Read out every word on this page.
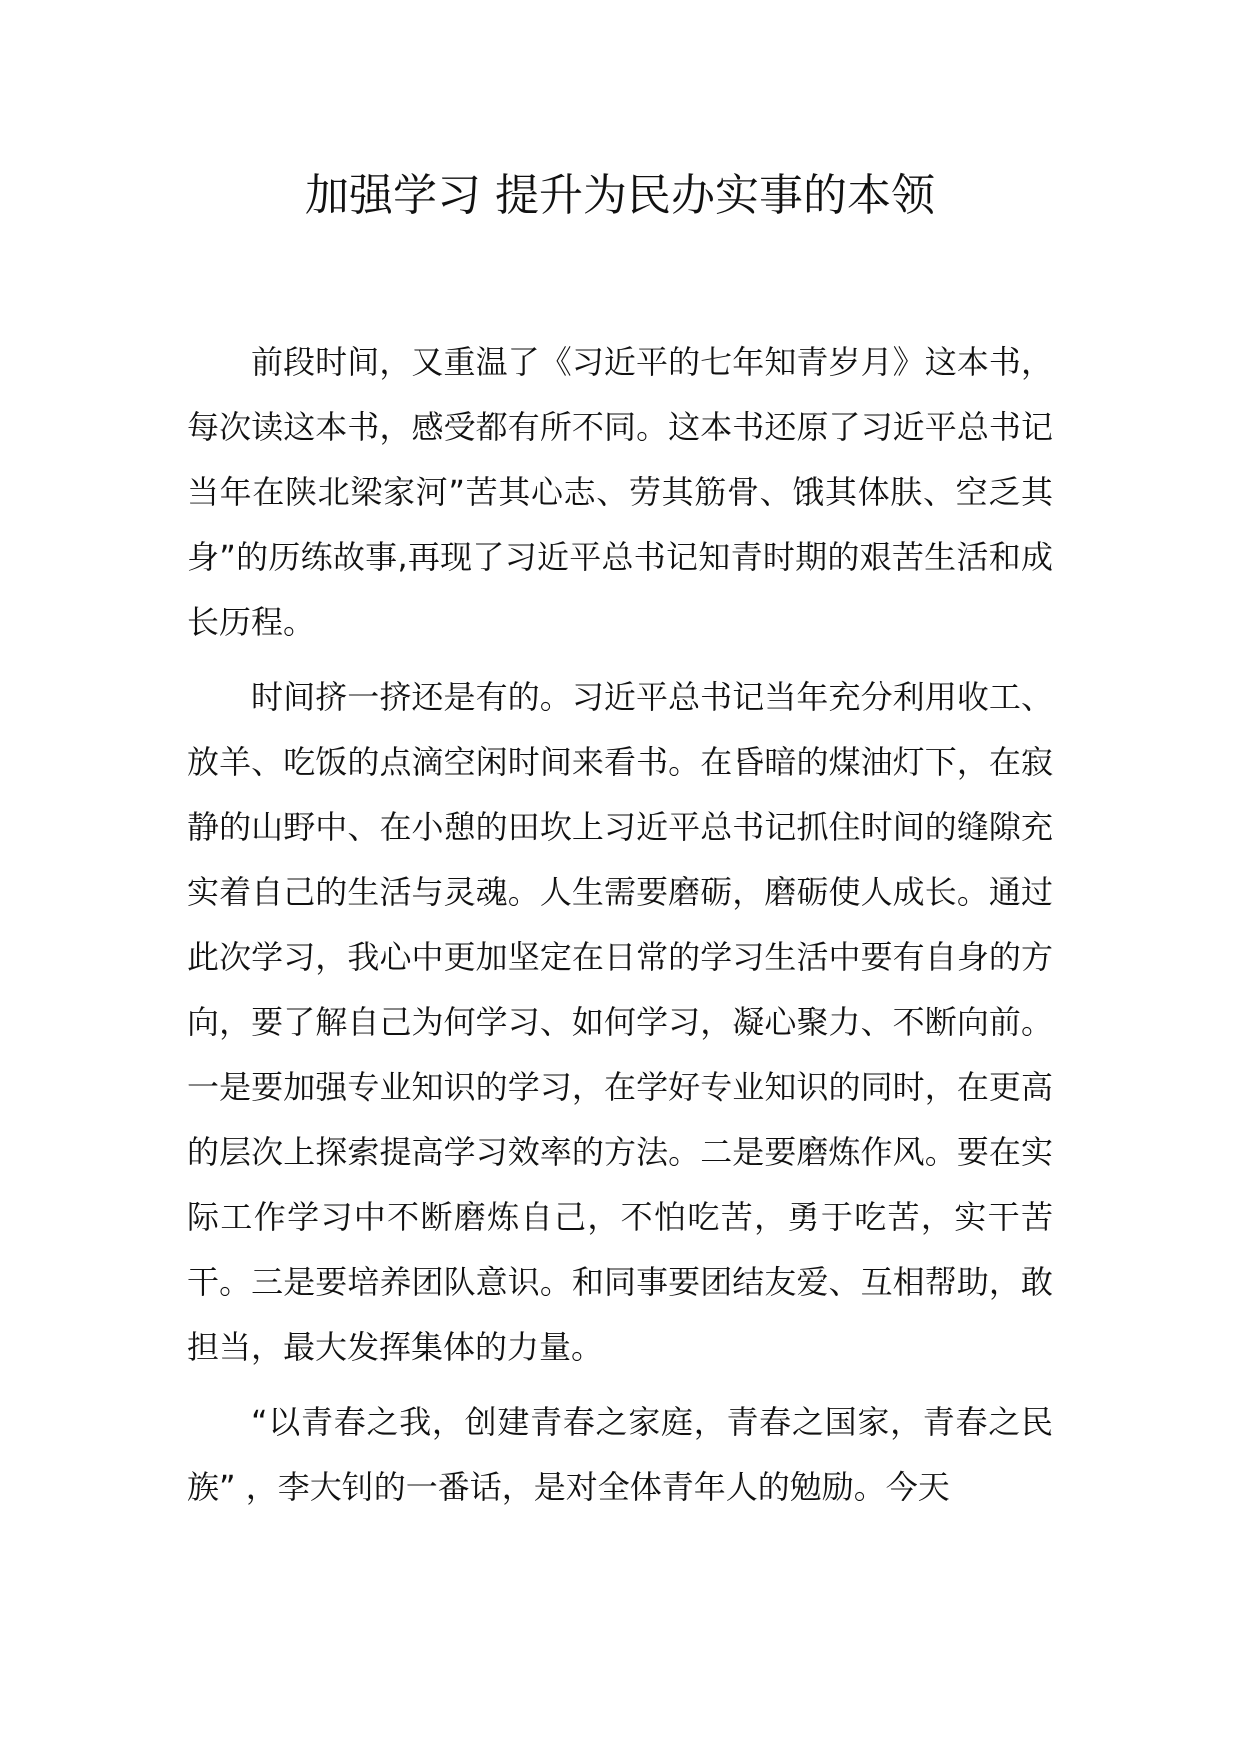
加强学习 提升为民办实事的本领

前段时间，又重温了《习近平的七年知青岁月》这本书，每次读这本书，感受都有所不同。这本书还原了习近平总书记当年在陕北梁家河”苦其心志、劳其筋骨、饿其体肤、空乏其身”的历练故事,再现了习近平总书记知青时期的艰苦生活和成长历程。

时间挤一挤还是有的。习近平总书记当年充分利用收工、放羊、吃饭的点滴空闲时间来看书。在昏暗的煤油灯下，在寂静的山野中、在小憩的田坎上习近平总书记抓住时间的缝隙充实着自己的生活与灵魂。人生需要磨砺，磨砺使人成长。通过此次学习，我心中更加坚定在日常的学习生活中要有自身的方向，要了解自己为何学习、如何学习，凝心聚力、不断向前。一是要加强专业知识的学习，在学好专业知识的同时，在更高的层次上探索提高学习效率的方法。二是要磨炼作风。要在实际工作学习中不断磨炼自己，不怕吃苦，勇于吃苦，实干苦干。三是要培养团队意识。和同事要团结友爱、互相帮助，敢担当，最大发挥集体的力量。

“以青春之我，创建青春之家庭，青春之国家，青春之民族” ，李大钊的一番话，是对全体青年人的勉励。今天
